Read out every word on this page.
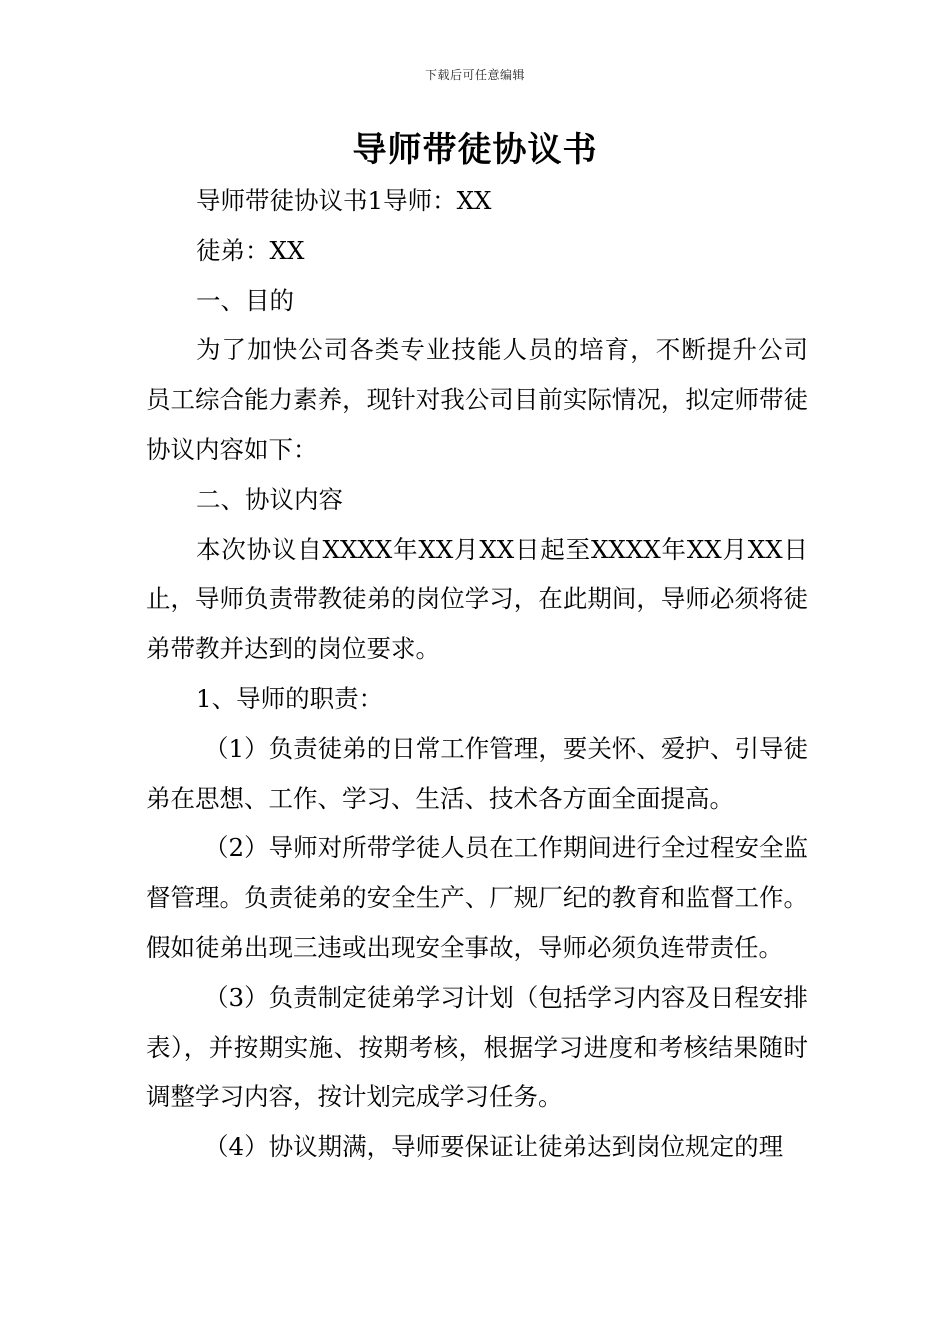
下载后可任意编辑
导师带徒协议书

导师带徒协议书1导师：XX

徒弟：XX

一、目的

为了加快公司各类专业技能人员的培育，不断提升公司员工综合能力素养，现针对我公司目前实际情况，拟定师带徒协议内容如下：

二、协议内容

本次协议自XXXX年XX月XX日起至XXXX年XX月XX日止，导师负责带教徒弟的岗位学习，在此期间，导师必须将徒弟带教并达到的岗位要求。

1、导师的职责：

（1）负责徒弟的日常工作管理，要关怀、爱护、引导徒弟在思想、工作、学习、生活、技术各方面全面提高。

（2）导师对所带学徒人员在工作期间进行全过程安全监督管理。负责徒弟的安全生产、厂规厂纪的教育和监督工作。假如徒弟出现三违或出现安全事故，导师必须负连带责任。

（3）负责制定徒弟学习计划（包括学习内容及日程安排表），并按期实施、按期考核，根据学习进度和考核结果随时调整学习内容，按计划完成学习任务。

（4）协议期满，导师要保证让徒弟达到岗位规定的理
